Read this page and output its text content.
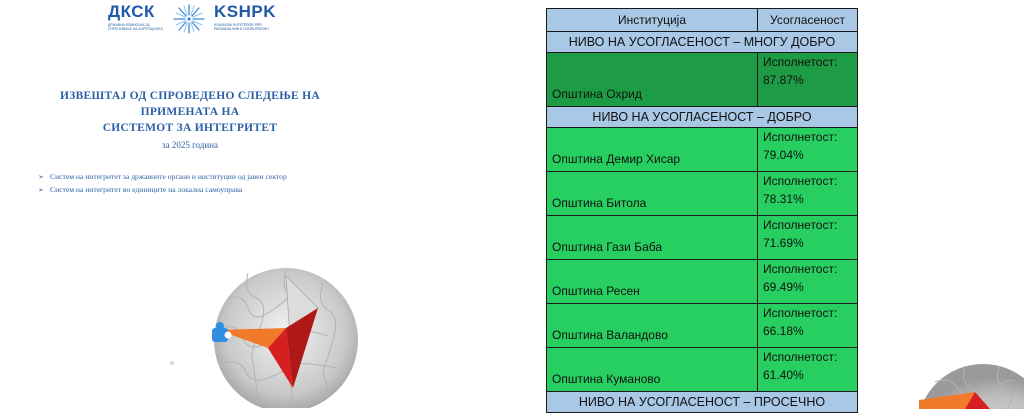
ДКСК
ДРЖАВНА КОМИСИЈА ЗА СПРЕЧУВАЊЕ НА КОРУПЦИЈАТА
KSHPK
KOMISIONI SHTETËROR PËR PARANDALIMIN E KORRUPSIONIT
ИЗВЕШТАЈ ОД СПРОВЕДЕНО СЛЕДЕЊЕ НА ПРИМЕНАТА НА
СИСТЕМОТ ЗА ИНТЕГРИТЕТ
за 2025 година
➢ Систем на интегритет за државните органи и институции од јавен сектор
➢ Систем на интегритет во единиците на локална самоуправа
Институција	Усогласеност
НИВО НА УСОГЛАСЕНОСТ – МНОГУ ДОБРО	
Општина Охрид	Исполнетост:
87.87%

НИВО НА УСОГЛАСЕНОСТ – ДОБРО	
Општина Демир Хисар	Исполнетост:
79.04%

Општина Битола	Исполнетост:
78.31%

Општина Гази Баба	Исполнетост:
71.69%

Општина Ресен	Исполнетост:
69.49%

Општина Валандово	Исполнетост:
66.18%

Општина Куманово	Исполнетост:
61.40%

НИВО НА УСОГЛАСЕНОСТ – ПРОСЕЧНО	
